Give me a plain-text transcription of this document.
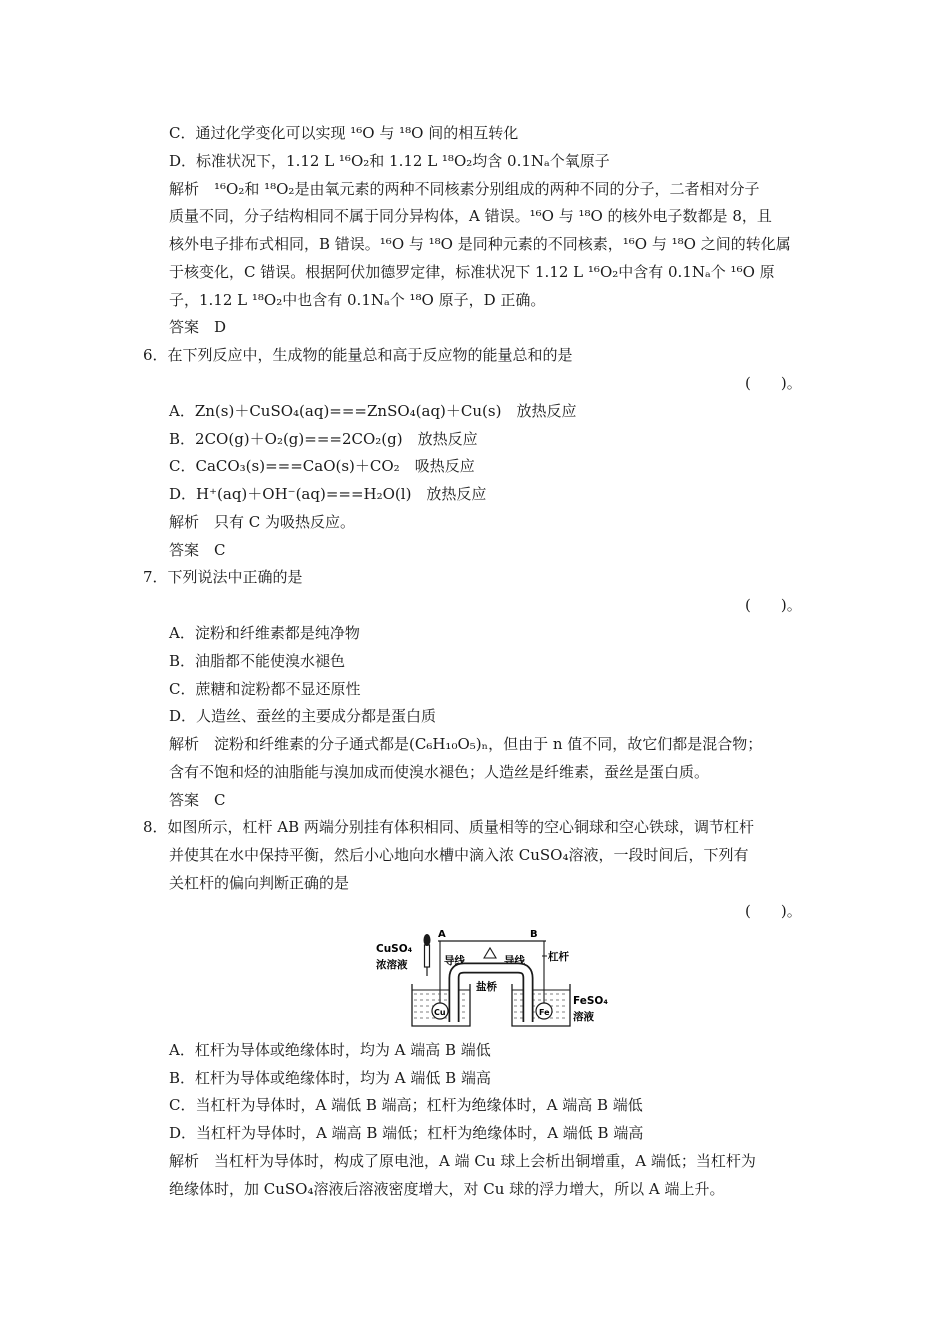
C．通过化学变化可以实现 ¹⁶O 与 ¹⁸O 间的相互转化
D．标准状况下，1.12 L ¹⁶O₂和 1.12 L ¹⁸O₂均含 0.1Nₐ个氧原子
解析　¹⁶O₂和 ¹⁸O₂是由氧元素的两种不同核素分别组成的两种不同的分子，二者相对分子
质量不同，分子结构相同不属于同分异构体，A 错误。¹⁶O 与 ¹⁸O 的核外电子数都是 8，且
核外电子排布式相同，B 错误。¹⁶O 与 ¹⁸O 是同种元素的不同核素，¹⁶O 与 ¹⁸O 之间的转化属
于核变化，C 错误。根据阿伏加德罗定律，标准状况下 1.12 L ¹⁶O₂中含有 0.1Nₐ个 ¹⁶O 原
子，1.12 L ¹⁸O₂中也含有 0.1Nₐ个 ¹⁸O 原子，D 正确。
答案　D
6．在下列反应中，生成物的能量总和高于反应物的能量总和的是
(　　)。
A．Zn(s)＋CuSO₄(aq)===ZnSO₄(aq)＋Cu(s)　放热反应
B．2CO(g)＋O₂(g)===2CO₂(g)　放热反应
C．CaCO₃(s)===CaO(s)＋CO₂　吸热反应
D．H⁺(aq)＋OH⁻(aq)===H₂O(l)　放热反应
解析　只有 C 为吸热反应。
答案　C
7．下列说法中正确的是
(　　)。
A．淀粉和纤维素都是纯净物
B．油脂都不能使溴水褪色
C．蔗糖和淀粉都不显还原性
D．人造丝、蚕丝的主要成分都是蛋白质
解析　淀粉和纤维素的分子通式都是(C₆H₁₀O₅)ₙ，但由于 n 值不同，故它们都是混合物；
含有不饱和烃的油脂能与溴加成而使溴水褪色；人造丝是纤维素，蚕丝是蛋白质。
答案　C
8．如图所示，杠杆 AB 两端分别挂有体积相同、质量相等的空心铜球和空心铁球，调节杠杆
并使其在水中保持平衡，然后小心地向水槽中滴入浓 CuSO₄溶液，一段时间后，下列有
关杠杆的偏向判断正确的是
(　　)。
CuSO₄
浓溶液
A	B
杠杆
导线	导线
盐桥
Cu	Fe
FeSO₄
溶液
A．杠杆为导体或绝缘体时，均为 A 端高 B 端低
B．杠杆为导体或绝缘体时，均为 A 端低 B 端高
C．当杠杆为导体时，A 端低 B 端高；杠杆为绝缘体时，A 端高 B 端低
D．当杠杆为导体时，A 端高 B 端低；杠杆为绝缘体时，A 端低 B 端高
解析　当杠杆为导体时，构成了原电池，A 端 Cu 球上会析出铜增重，A 端低；当杠杆为
绝缘体时，加 CuSO₄溶液后溶液密度增大，对 Cu 球的浮力增大，所以 A 端上升。
